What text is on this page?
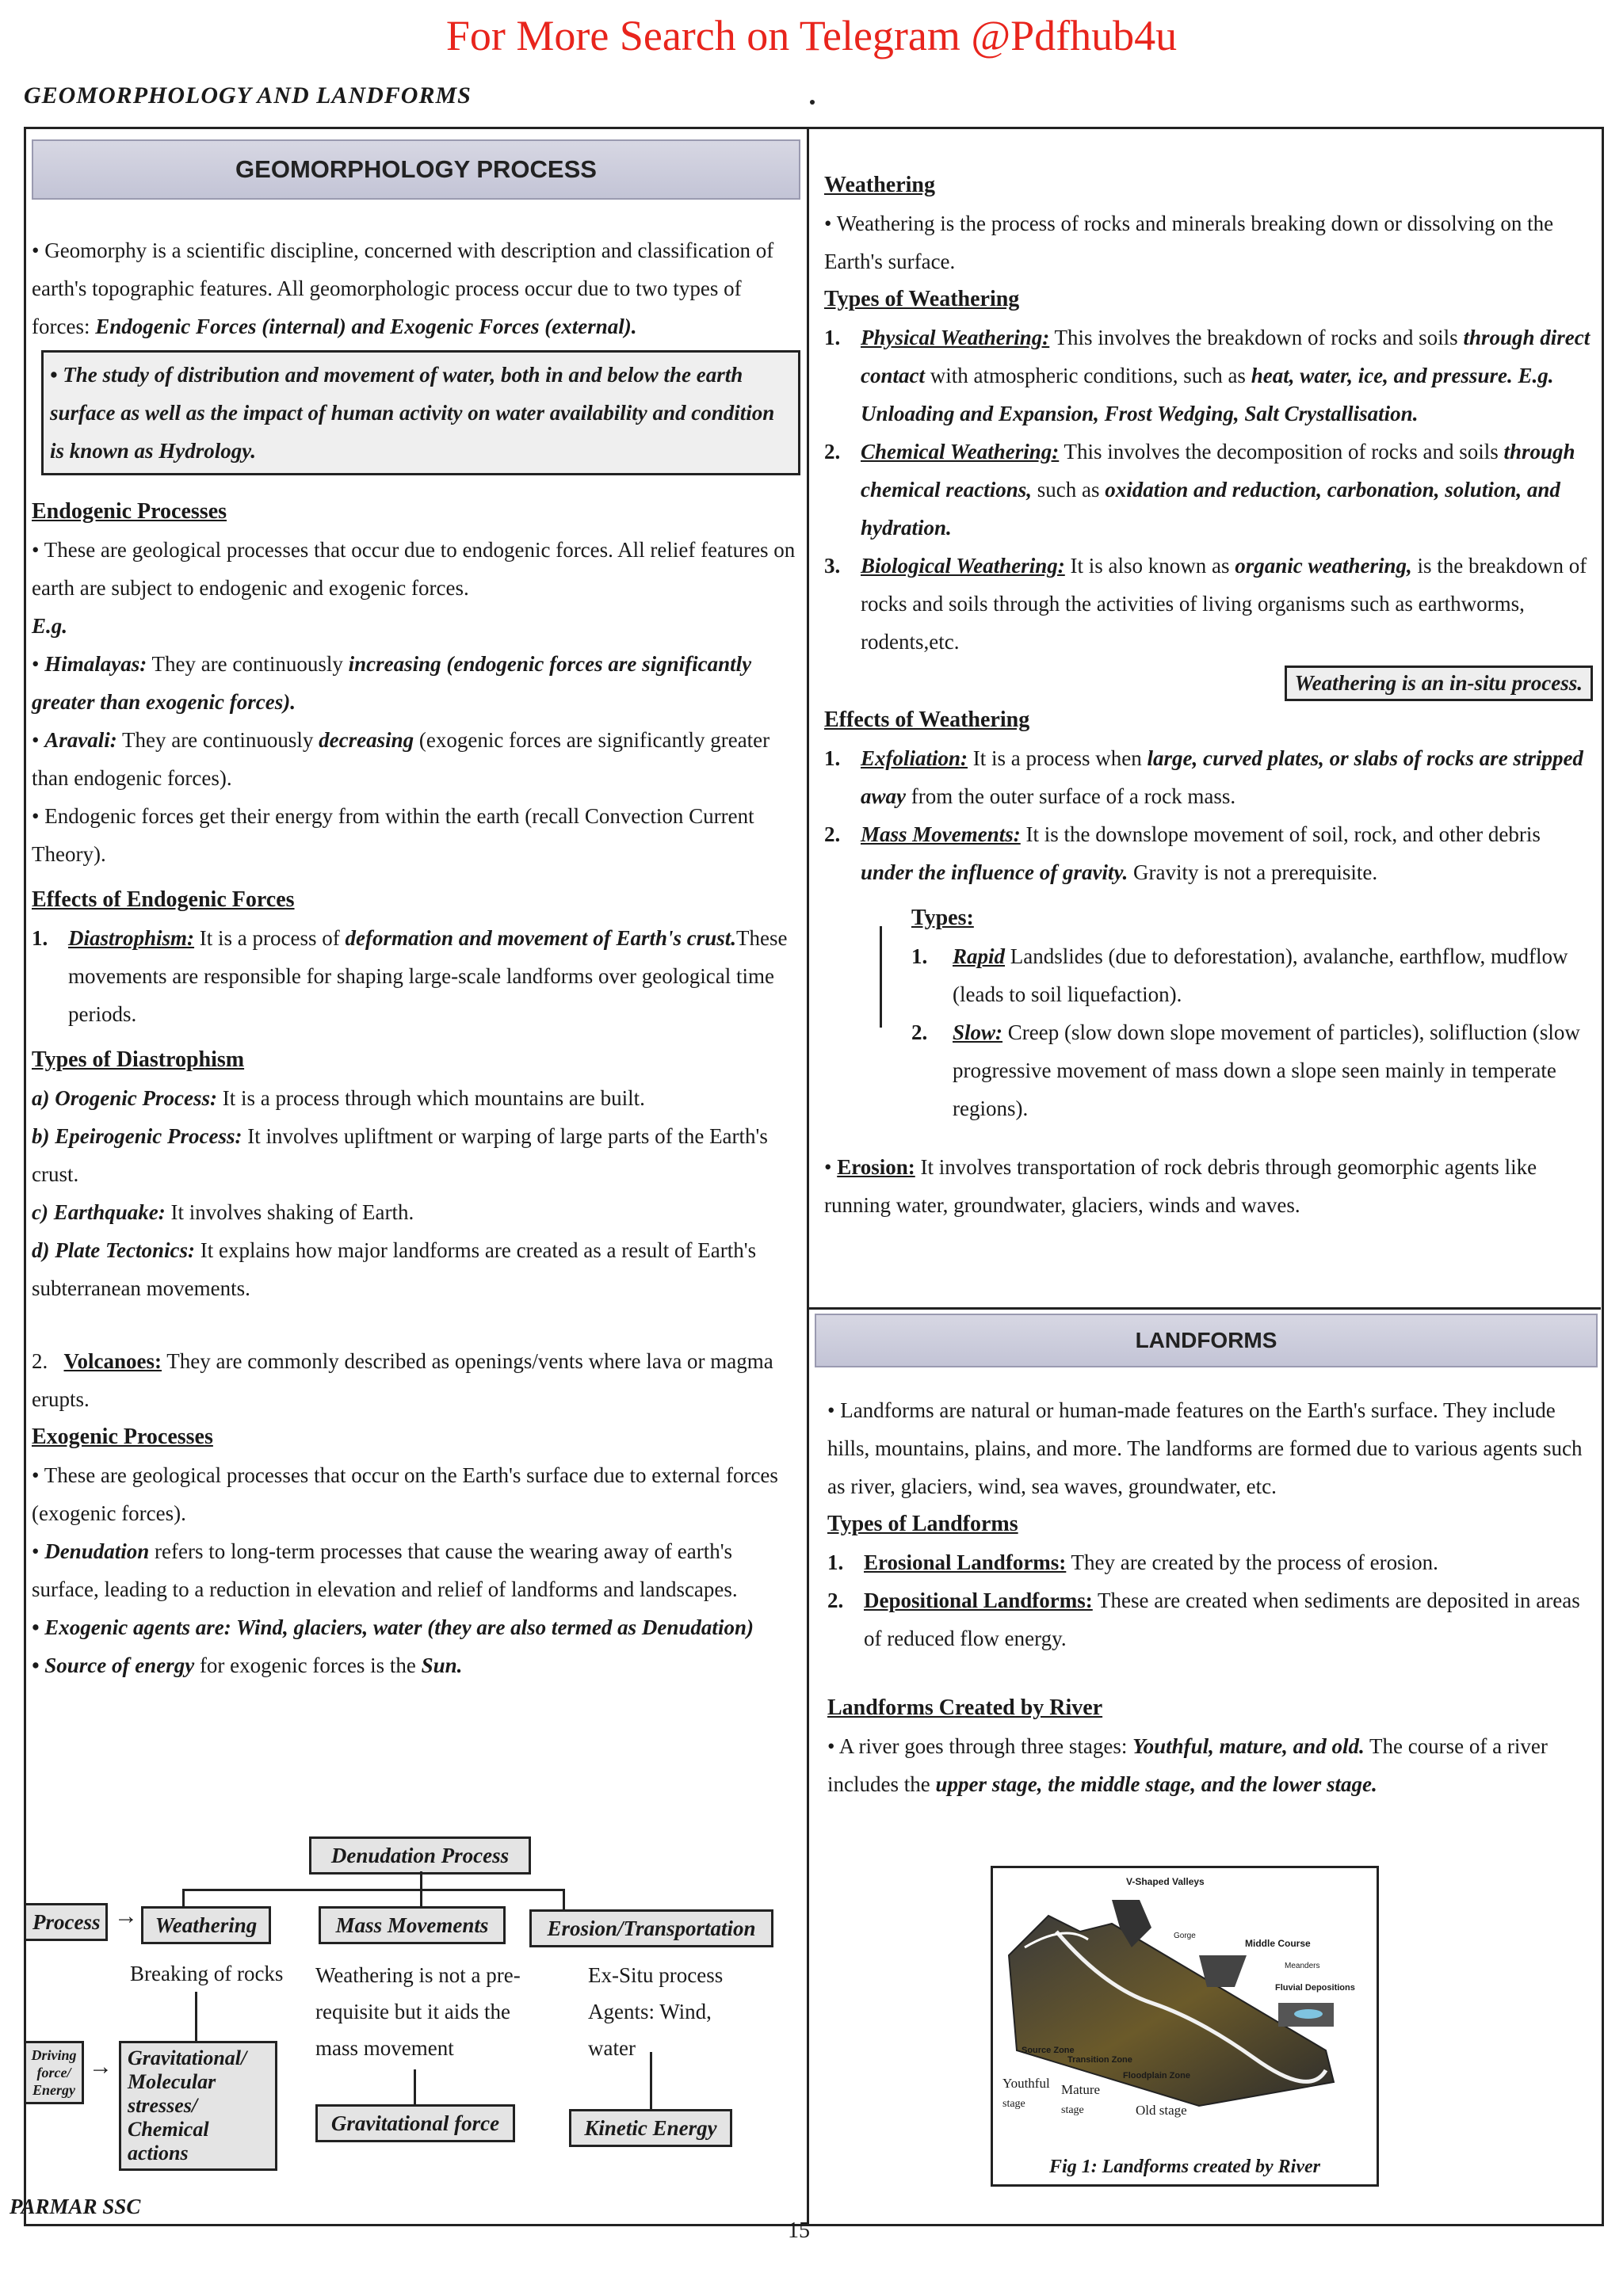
For More Search on Telegram @Pdfhub4u
GEOMORPHOLOGY AND LANDFORMS
GEOMORPHOLOGY PROCESS

• Geomorphy is a scientific discipline, concerned with description and classification of earth's topographic features. All geomorphologic process occur due to two types of forces: Endogenic Forces (internal) and Exogenic Forces (external).

• The study of distribution and movement of water, both in and below the earth surface as well as the impact of human activity on water availability and condition is known as Hydrology.

Endogenic Processes

• These are geological processes that occur due to endogenic forces. All relief features on earth are subject to endogenic and exogenic forces.

E.g.

• Himalayas: They are continuously increasing (endogenic forces are significantly greater than exogenic forces).

• Aravali: They are continuously decreasing (exogenic forces are significantly greater than endogenic forces).

• Endogenic forces get their energy from within the earth (recall Convection Current Theory).

Effects of Endogenic Forces
1. Diastrophism: It is a process of deformation and movement of Earth's crust.These movements are responsible for shaping large-scale landforms over geological time periods.

Types of Diastrophism

a) Orogenic Process: It is a process through which mountains are built.

b) Epeirogenic Process: It involves upliftment or warping of large parts of the Earth's crust.

c) Earthquake: It involves shaking of Earth.

d) Plate Tectonics: It explains how major landforms are created as a result of Earth's subterranean movements.

2. Volcanoes: They are commonly described as openings/vents where lava or magma erupts.

Exogenic Processes

• These are geological processes that occur on the Earth's surface due to external forces (exogenic forces).

• Denudation refers to long-term processes that cause the wearing away of earth's surface, leading to a reduction in elevation and relief of landforms and landscapes.

• Exogenic agents are: Wind, glaciers, water (they are also termed as Denudation)

• Source of energy for exogenic forces is the Sun.

Denudation Process
Process → Weathering	Mass Movements	Erosion/Transportation
Breaking of rocks	Weathering is not a pre-requisite but it aids the mass movement
Ex-Situ process Agents: Wind, water
Driving force/ Energy
→ Gravitational/ Molecular stresses/ Chemical actions
Gravitational force	Kinetic Energy
Weathering

• Weathering is the process of rocks and minerals breaking down or dissolving on the Earth's surface.

Types of Weathering
1. Physical Weathering: This involves the breakdown of rocks and soils through direct contact with atmospheric conditions, such as heat, water, ice, and pressure. E.g. Unloading and Expansion, Frost Wedging, Salt Crystallisation.

2. Chemical Weathering: This involves the decomposition of rocks and soils through chemical reactions, such as oxidation and reduction, carbonation, solution, and hydration.

3. Biological Weathering: It is also known as organic weathering, is the breakdown of rocks and soils through the activities of living organisms such as earthworms, rodents,etc.

Weathering is an in-situ process.
Effects of Weathering
1. Exfoliation: It is a process when large, curved plates, or slabs of rocks are stripped away from the outer surface of a rock mass.

2. Mass Movements: It is the downslope movement of soil, rock, and other debris under the influence of gravity. Gravity is not a prerequisite.

Types:
1.	Rapid Landslides (due to deforestation), avalanche, earthflow, mudflow (leads to soil liquefaction).

2.	Slow: Creep (slow down slope movement of particles), solifluction (slow progressive movement of mass down a slope seen mainly in temperate regions).

• Erosion: It involves transportation of rock debris through geomorphic agents like running water, groundwater, glaciers, winds and waves.

LANDFORMS

• Landforms are natural or human-made features on the Earth's surface. They include hills, mountains, plains, and more. The landforms are formed due to various agents such as river, glaciers, wind, sea waves, groundwater, etc.

Types of Landforms
1. Erosional Landforms: They are created by the process of erosion.

2. Depositional Landforms: These are created when sediments are deposited in areas of reduced flow energy.

Landforms Created by River

• A river goes through three stages: Youthful, mature, and old. The course of a river includes the upper stage, the middle stage, and the lower stage.

V-Shaped Valleys
Gorge
Middle Course
Meanders
Fluvial Depositions
Source Zone
Transition Zone
Floodplain Zone
Youthful
stage
Mature
stage	Old stage
Fig 1: Landforms created by River
PARMAR SSC
15
